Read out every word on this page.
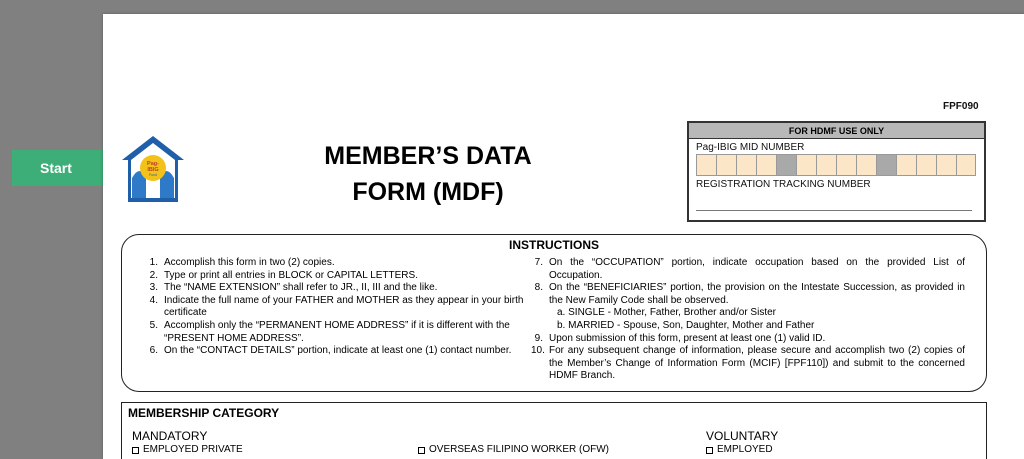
Start
FPF090
Pag-
IBIG
Fund
MEMBER’S DATA
FORM (MDF)
FOR HDMF USE ONLY
Pag-IBIG MID NUMBER
REGISTRATION TRACKING NUMBER
INSTRUCTIONS
1. Accomplish this form in two (2) copies.
2. Type or print all entries in BLOCK or CAPITAL LETTERS.
3. The “NAME EXTENSION” shall refer to JR., II, III and the like.
4. Indicate the full name of your FATHER and MOTHER as they appear in your birth certificate
5. Accomplish only the “PERMANENT HOME ADDRESS” if it is different with the “PRESENT HOME ADDRESS”.
6. On the “CONTACT DETAILS” portion, indicate at least one (1) contact number.
7. On the “OCCUPATION” portion, indicate occupation based on the provided List of Occupation.
8. On the “BENEFICIARIES” portion, the provision on the Intestate Succession, as provided in the New Family Code shall be observed.
a. SINGLE - Mother, Father, Brother and/or Sister
b. MARRIED - Spouse, Son, Daughter, Mother and Father
9. Upon submission of this form, present at least one (1) valid ID.
10. For any subsequent change of information, please secure and accomplish two (2) copies of the Member’s Change of Information Form (MCIF) [FPF110]) and submit to the concerned HDMF Branch.
MEMBERSHIP CATEGORY
MANDATORY
EMPLOYED PRIVATE	OVERSEAS FILIPINO WORKER (OFW)
VOLUNTARY
EMPLOYED
